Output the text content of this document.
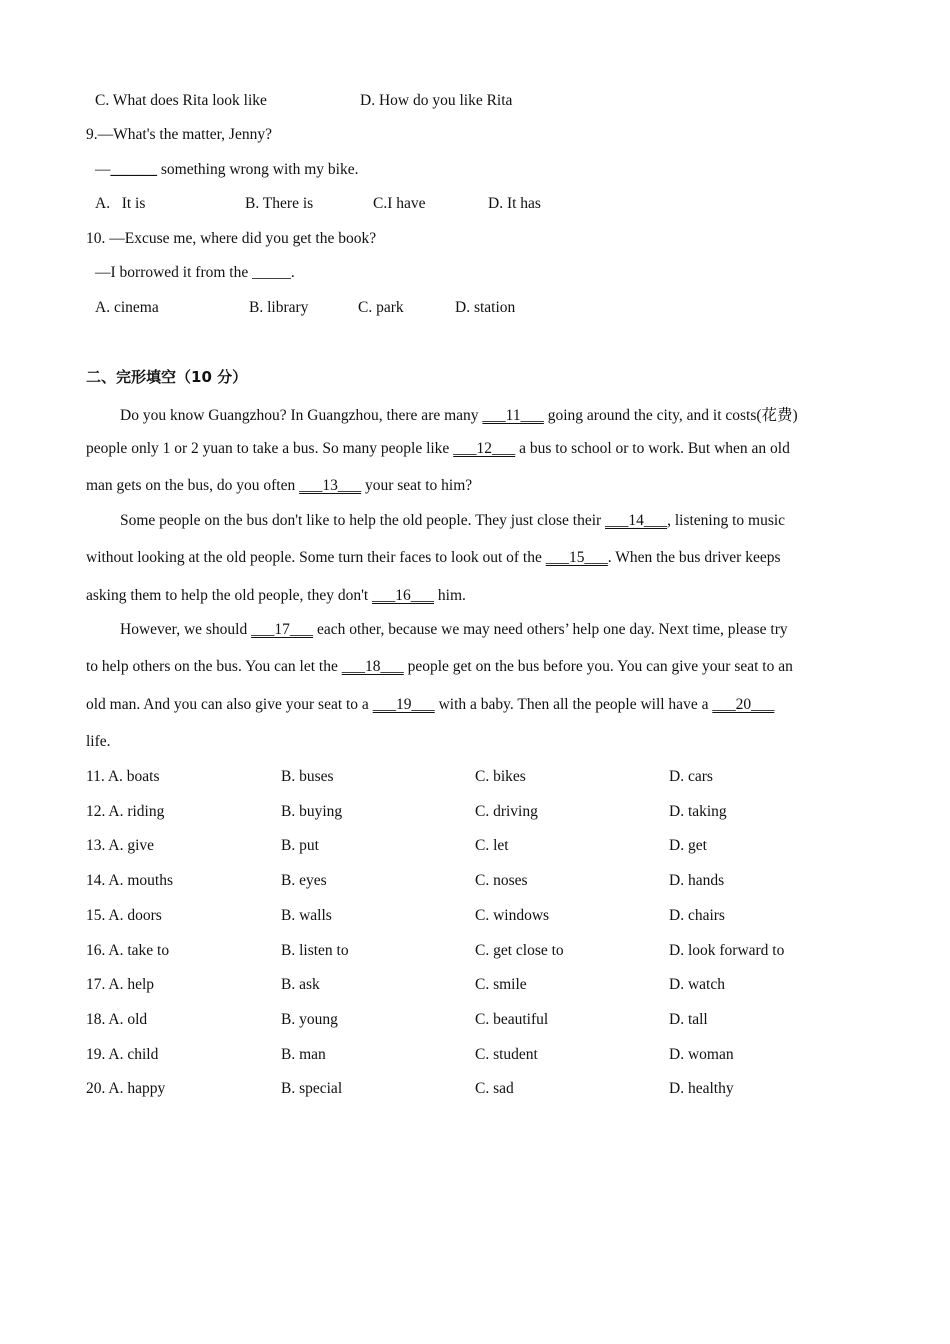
C. What does Rita look like	D. How do you like Rita
9.—What's the matter, Jenny?
—______ something wrong with my bike.
A.   It is	B. There is	C.I have	D. It has
10. —Excuse me, where did you get the book?
—I borrowed it from the _____.
A. cinema	B. library	C. park	D. station
二、完形填空（10 分）
Do you know Guangzhou? In Guangzhou, there are many ___11___ going around the city, and it costs(花费)
people only 1 or 2 yuan to take a bus. So many people like ___12___ a bus to school or to work. But when an old
man gets on the bus, do you often ___13___ your seat to him?
Some people on the bus don't like to help the old people. They just close their ___14___, listening to music
without looking at the old people. Some turn their faces to look out of the ___15___. When the bus driver keeps
asking them to help the old people, they don't ___16___ him.
However, we should ___17___ each other, because we may need others’ help one day. Next time, please try
to help others on the bus. You can let the ___18___ people get on the bus before you. You can give your seat to an
old man. And you can also give your seat to a ___19___ with a baby. Then all the people will have a ___20___
life.
11. A. boats	B. buses	C. bikes	D. cars
12. A. riding	B. buying	C. driving	D. taking
13. A. give	B. put	C. let	D. get
14. A. mouths	B. eyes	C. noses	D. hands
15. A. doors	B. walls	C. windows	D. chairs
16. A. take to	B. listen to	C. get close to	D. look forward to
17. A. help	B. ask	C. smile	D. watch
18. A. old	B. young	C. beautiful	D. tall
19. A. child	B. man	C. student	D. woman
20. A. happy	B. special	C. sad	D. healthy
